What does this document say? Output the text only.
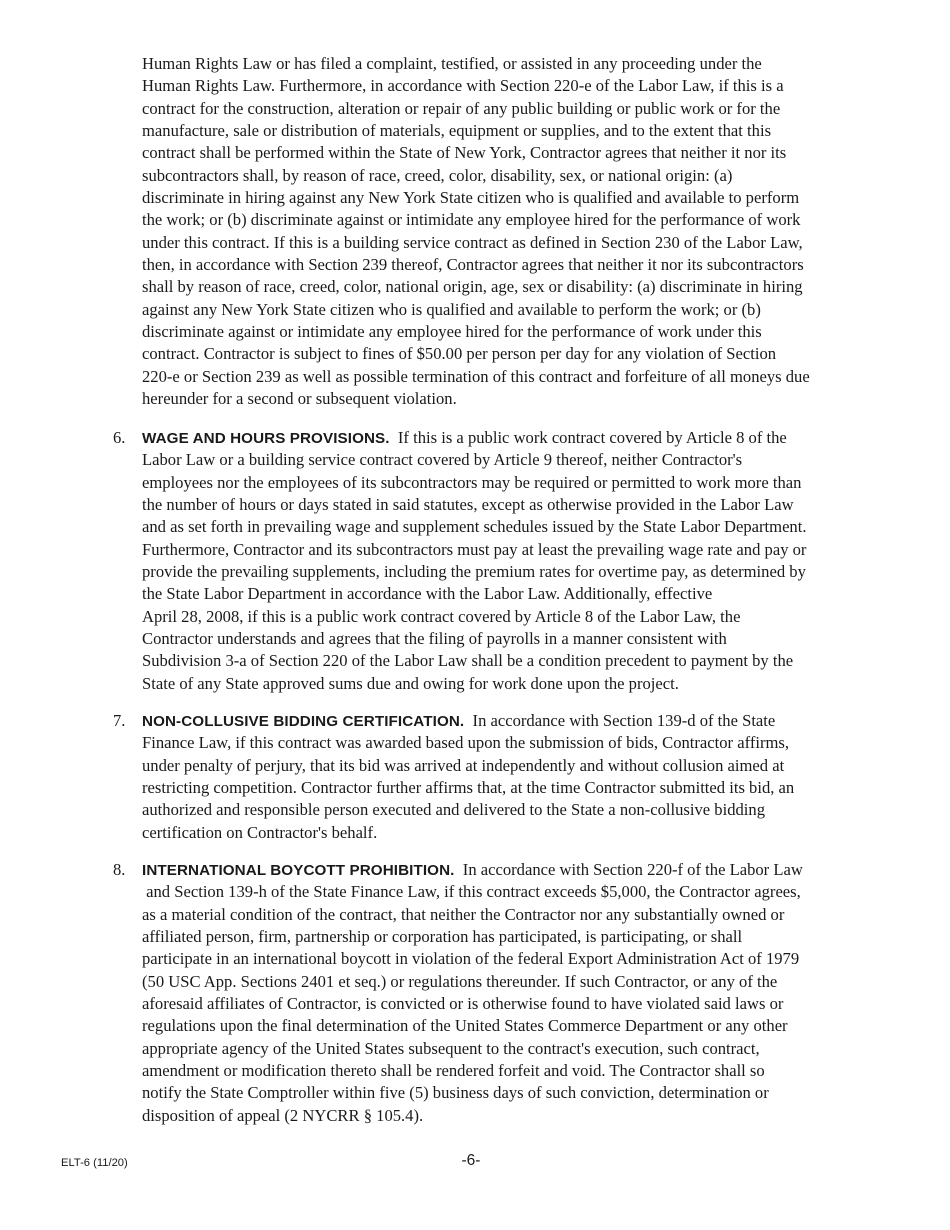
Human Rights Law or has filed a complaint, testified, or assisted in any proceeding under the
Human Rights Law. Furthermore, in accordance with Section 220-e of the Labor Law, if this is a
contract for the construction, alteration or repair of any public building or public work or for the
manufacture, sale or distribution of materials, equipment or supplies, and to the extent that this
contract shall be performed within the State of New York, Contractor agrees that neither it nor its
subcontractors shall, by reason of race, creed, color, disability, sex, or national origin: (a)
discriminate in hiring against any New York State citizen who is qualified and available to perform
the work; or (b) discriminate against or intimidate any employee hired for the performance of work
under this contract. If this is a building service contract as defined in Section 230 of the Labor Law,
then, in accordance with Section 239 thereof, Contractor agrees that neither it nor its subcontractors
shall by reason of race, creed, color, national origin, age, sex or disability: (a) discriminate in hiring
against any New York State citizen who is qualified and available to perform the work; or (b)
discriminate against or intimidate any employee hired for the performance of work under this
contract. Contractor is subject to fines of $50.00 per person per day for any violation of Section
220-e or Section 239 as well as possible termination of this contract and forfeiture of all moneys due
hereunder for a second or subsequent violation.
6. WAGE AND HOURS PROVISIONS.  If this is a public work contract covered by Article 8 of the
Labor Law or a building service contract covered by Article 9 thereof, neither Contractor's
employees nor the employees of its subcontractors may be required or permitted to work more than
the number of hours or days stated in said statutes, except as otherwise provided in the Labor Law
and as set forth in prevailing wage and supplement schedules issued by the State Labor Department.
Furthermore, Contractor and its subcontractors must pay at least the prevailing wage rate and pay or
provide the prevailing supplements, including the premium rates for overtime pay, as determined by
the State Labor Department in accordance with the Labor Law. Additionally, effective
April 28, 2008, if this is a public work contract covered by Article 8 of the Labor Law, the
Contractor understands and agrees that the filing of payrolls in a manner consistent with
Subdivision 3-a of Section 220 of the Labor Law shall be a condition precedent to payment by the
State of any State approved sums due and owing for work done upon the project.
7. NON-COLLUSIVE BIDDING CERTIFICATION.  In accordance with Section 139-d of the State
Finance Law, if this contract was awarded based upon the submission of bids, Contractor affirms,
under penalty of perjury, that its bid was arrived at independently and without collusion aimed at
restricting competition. Contractor further affirms that, at the time Contractor submitted its bid, an
authorized and responsible person executed and delivered to the State a non-collusive bidding
certification on Contractor's behalf.
8. INTERNATIONAL BOYCOTT PROHIBITION.  In accordance with Section 220-f of the Labor Law
and Section 139-h of the State Finance Law, if this contract exceeds $5,000, the Contractor agrees,
as a material condition of the contract, that neither the Contractor nor any substantially owned or
affiliated person, firm, partnership or corporation has participated, is participating, or shall
participate in an international boycott in violation of the federal Export Administration Act of 1979
(50 USC App. Sections 2401 et seq.) or regulations thereunder. If such Contractor, or any of the
aforesaid affiliates of Contractor, is convicted or is otherwise found to have violated said laws or
regulations upon the final determination of the United States Commerce Department or any other
appropriate agency of the United States subsequent to the contract's execution, such contract,
amendment or modification thereto shall be rendered forfeit and void. The Contractor shall so
notify the State Comptroller within five (5) business days of such conviction, determination or
disposition of appeal (2 NYCRR § 105.4).
ELT-6 (11/20)	-6-
